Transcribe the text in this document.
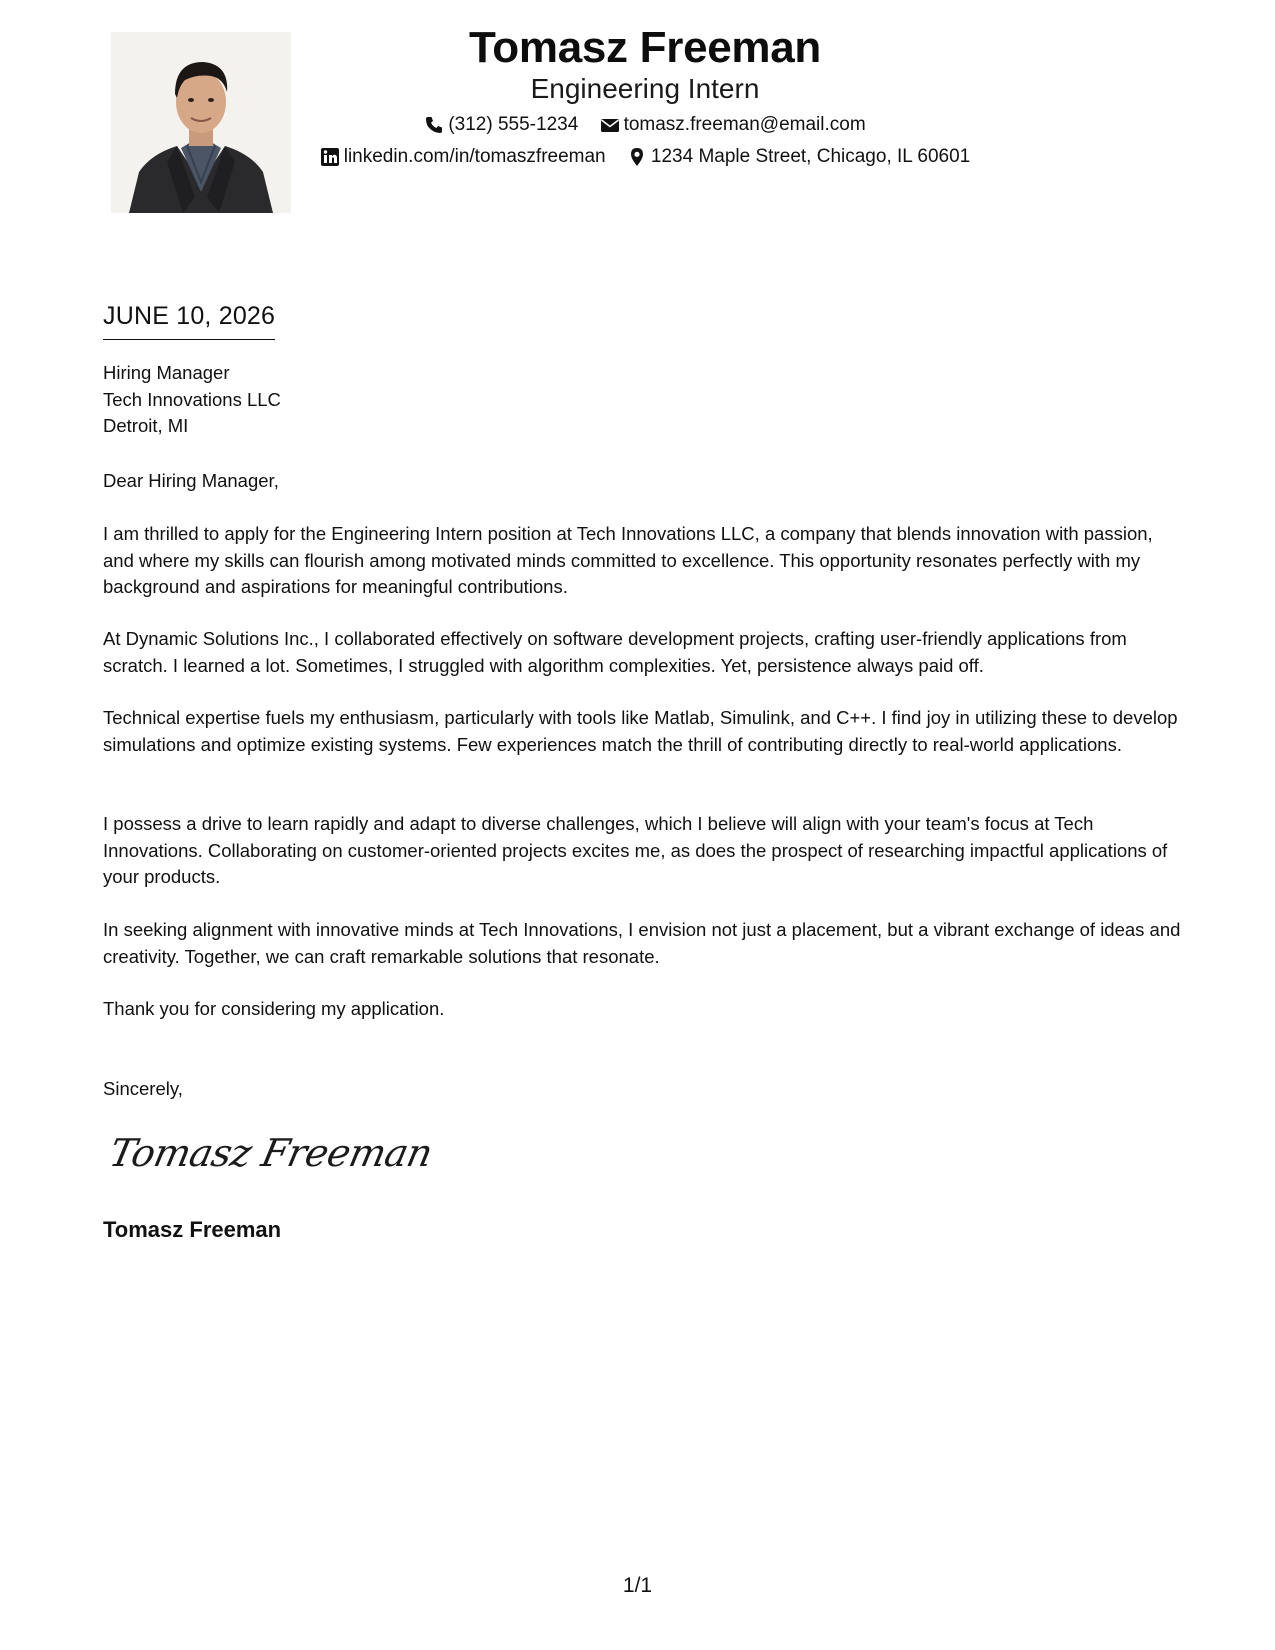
Tomasz Freeman
Engineering Intern
(312) 555-1234
tomasz.freeman@email.com
linkedin.com/in/tomaszfreeman
1234 Maple Street, Chicago, IL 60601
JUNE 10, 2026
Hiring Manager
Tech Innovations LLC
Detroit, MI
Dear Hiring Manager,
I am thrilled to apply for the Engineering Intern position at Tech Innovations LLC, a company that blends innovation with passion, and where my skills can flourish among motivated minds committed to excellence. This opportunity resonates perfectly with my background and aspirations for meaningful contributions.
At Dynamic Solutions Inc., I collaborated effectively on software development projects, crafting user-friendly applications from scratch. I learned a lot. Sometimes, I struggled with algorithm complexities. Yet, persistence always paid off.
Technical expertise fuels my enthusiasm, particularly with tools like Matlab, Simulink, and C++. I find joy in utilizing these to develop simulations and optimize existing systems. Few experiences match the thrill of contributing directly to real-world applications.
I possess a drive to learn rapidly and adapt to diverse challenges, which I believe will align with your team's focus at Tech Innovations. Collaborating on customer-oriented projects excites me, as does the prospect of researching impactful applications of your products.
In seeking alignment with innovative minds at Tech Innovations, I envision not just a placement, but a vibrant exchange of ideas and creativity. Together, we can craft remarkable solutions that resonate.
Thank you for considering my application.
Sincerely,
Tomasz Freeman
Tomasz Freeman
1/1
